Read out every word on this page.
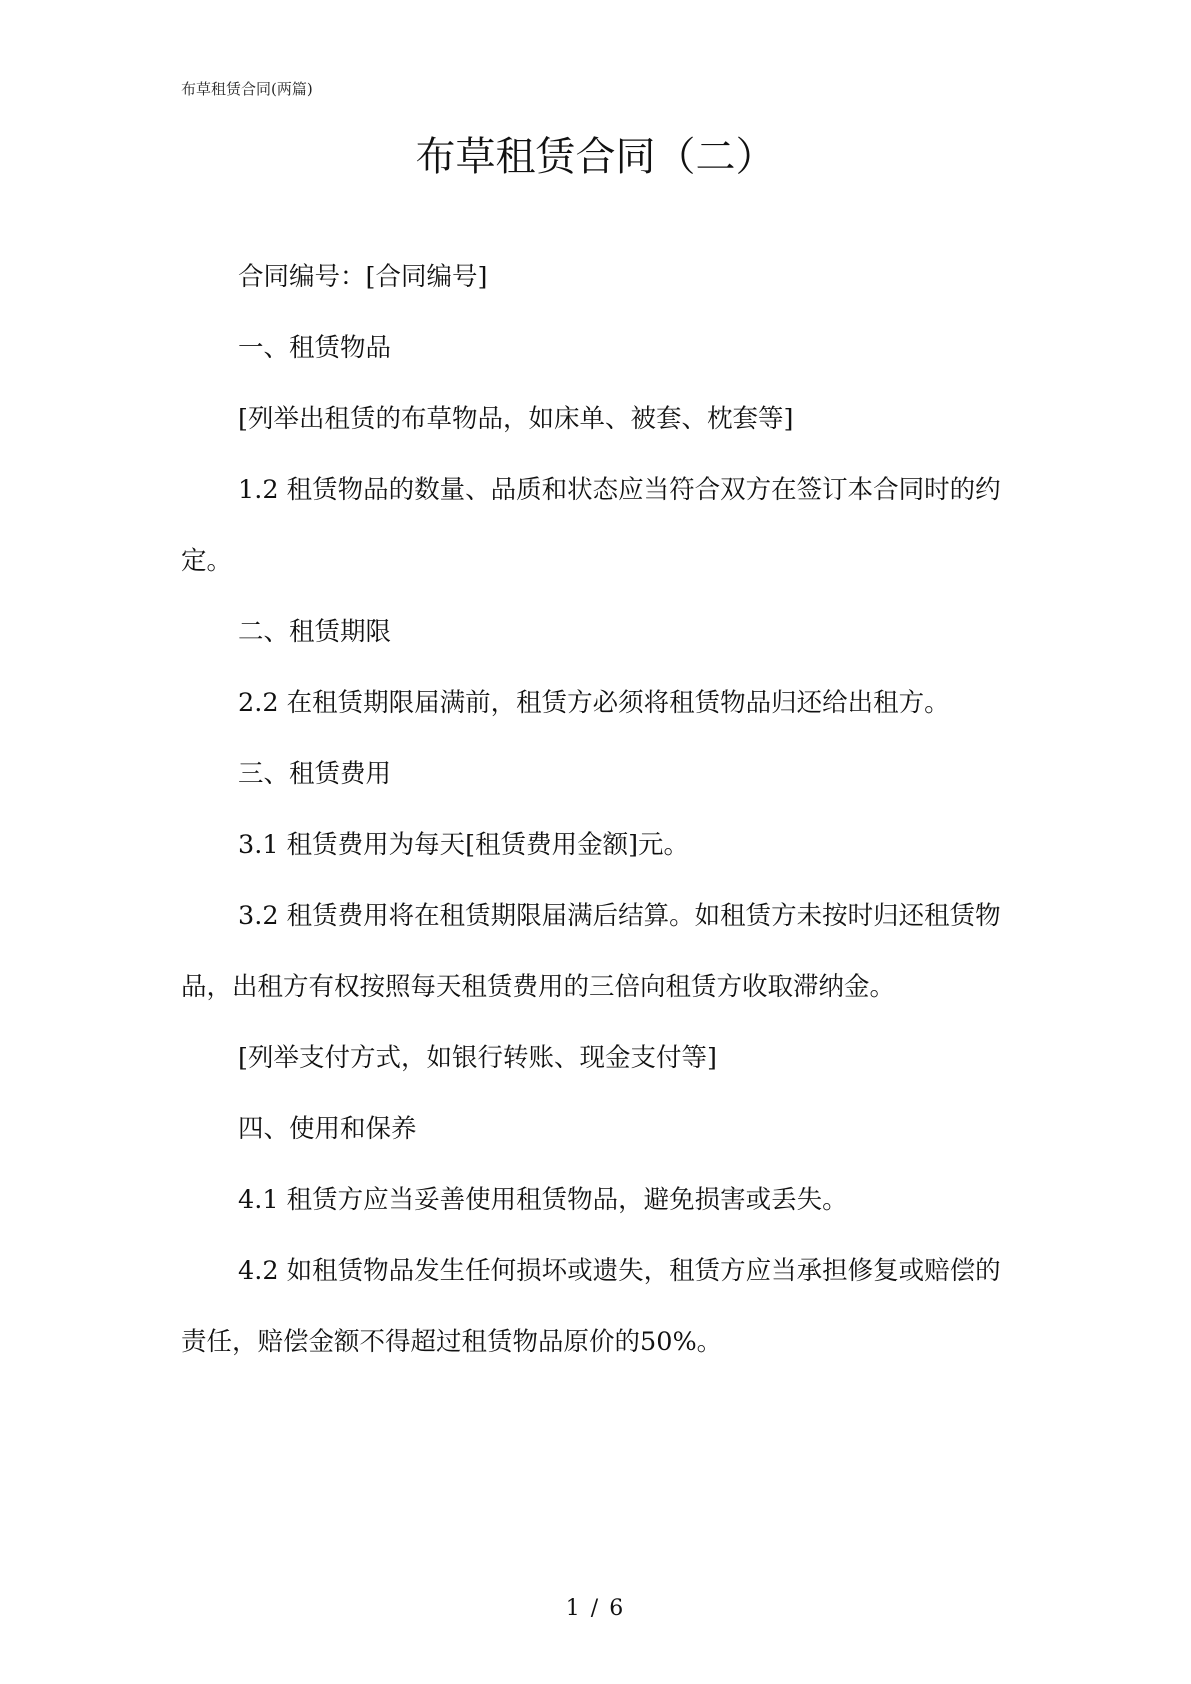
布草租赁合同(两篇)
布草租赁合同（二）

合同编号：[合同编号]

一、租赁物品

[列举出租赁的布草物品，如床单、被套、枕套等]

1.2 租赁物品的数量、品质和状态应当符合双方在签订本合同时的约定。

二、租赁期限

2.2 在租赁期限届满前，租赁方必须将租赁物品归还给出租方。

三、租赁费用

3.1 租赁费用为每天[租赁费用金额]元。

3.2 租赁费用将在租赁期限届满后结算。如租赁方未按时归还租赁物品，出租方有权按照每天租赁费用的三倍向租赁方收取滞纳金。

[列举支付方式，如银行转账、现金支付等]

四、使用和保养

4.1 租赁方应当妥善使用租赁物品，避免损害或丢失。

4.2 如租赁物品发生任何损坏或遗失，租赁方应当承担修复或赔偿的责任，赔偿金额不得超过租赁物品原价的50%。

1 / 6
